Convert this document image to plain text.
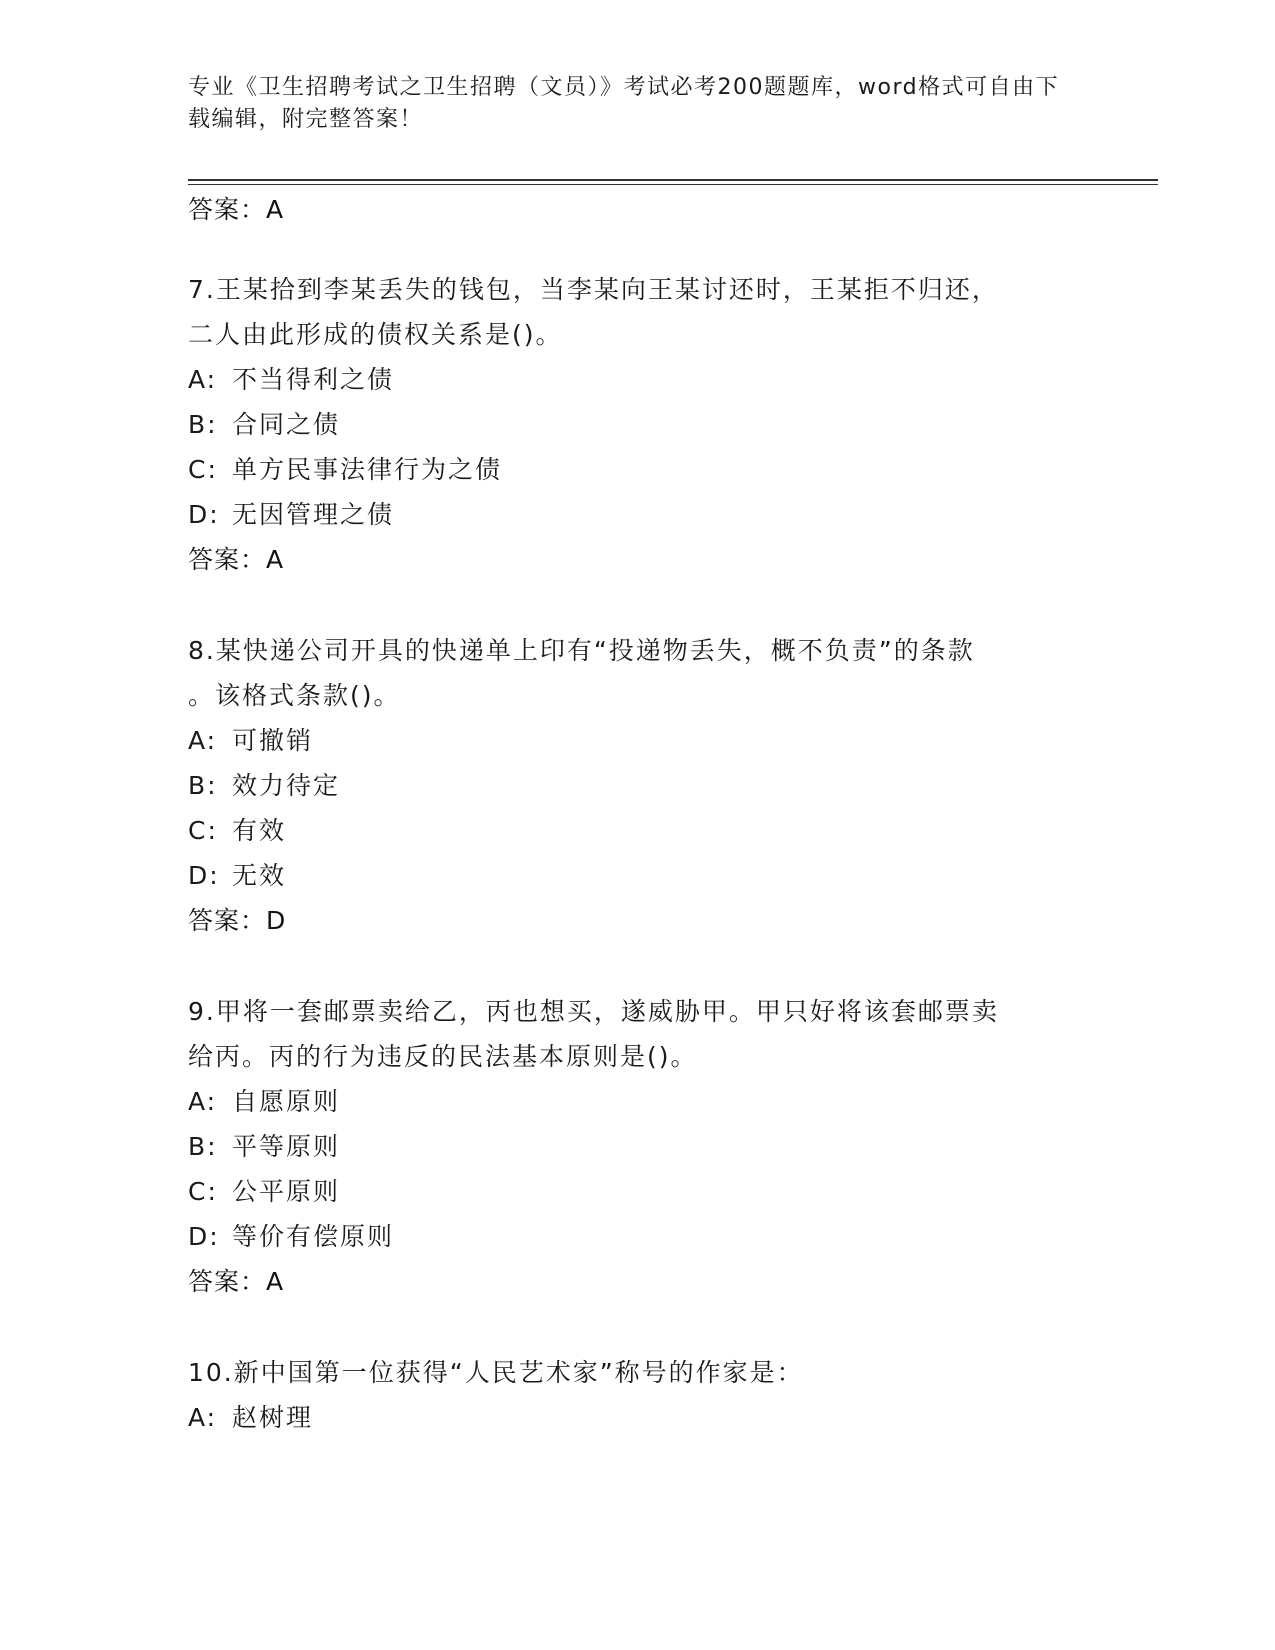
专业《卫生招聘考试之卫生招聘（文员）》考试必考200题题库，word格式可自由下载编辑，附完整答案！
答案：A
7.王某拾到李某丢失的钱包，当李某向王某讨还时，王某拒不归还，
二人由此形成的债权关系是()。
A: 不当得利之债
B: 合同之债
C: 单方民事法律行为之债
D: 无因管理之债
答案：A
8.某快递公司开具的快递单上印有“投递物丢失，概不负责”的条款
。该格式条款()。
A: 可撤销
B: 效力待定
C: 有效
D: 无效
答案：D
9.甲将一套邮票卖给乙，丙也想买，遂威胁甲。甲只好将该套邮票卖
给丙。丙的行为违反的民法基本原则是()。
A: 自愿原则
B: 平等原则
C: 公平原则
D: 等价有偿原则
答案：A
10.新中国第一位获得“人民艺术家”称号的作家是：
A: 赵树理
